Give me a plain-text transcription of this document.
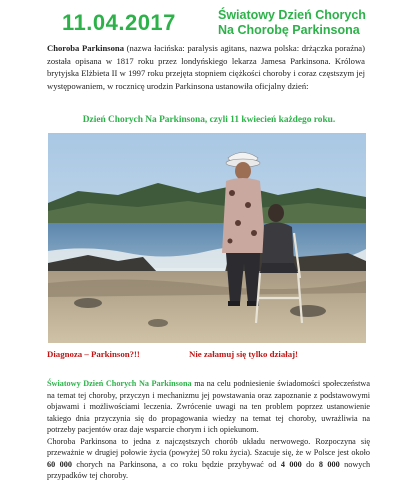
11.04.2017	Światowy Dzień Chorych
Na Chorobę Parkinsona
Choroba Parkinsona (nazwa łacińska: paralysis agitans, nazwa polska: drżączka poraźna) została opisana w 1817 roku przez londyńskiego lekarza Jamesa Parkinsona. Królowa brytyjska Elżbieta II w 1997 roku przejęta stopniem ciężkości choroby i coraz częstszym jej występowaniem, w rocznicę urodzin Parkinsona ustanowiła oficjalny dzień:
Dzień Chorych Na Parkinsona, czyli 11 kwiecień każdego roku.
Diagnoza – Parkinson?!!	Nie załamuj się tylko działaj!
Światowy Dzień Chorych Na Parkinsona ma na celu podniesienie świadomości społeczeństwa na temat tej choroby, przyczyn i mechanizmu jej powstawania oraz zapoznanie z podstawowymi objawami i możliwościami leczenia. Zwrócenie uwagi na ten problem poprzez ustanowienie takiego dnia przyczynia się do propagowania wiedzy na temat tej choroby, uwrażliwia na potrzeby pacjentów oraz daje wsparcie chorym i ich opiekunom.
Choroba Parkinsona to jedna z najczęstszych chorób układu nerwowego. Rozpoczyna się przeważnie w drugiej połowie życia (powyżej 50 roku życia). Szacuje się, że w Polsce jest około 60 000 chorych na Parkinsona, a co roku będzie przybywać od 4 000 do 8 000 nowych przypadków tej choroby.
